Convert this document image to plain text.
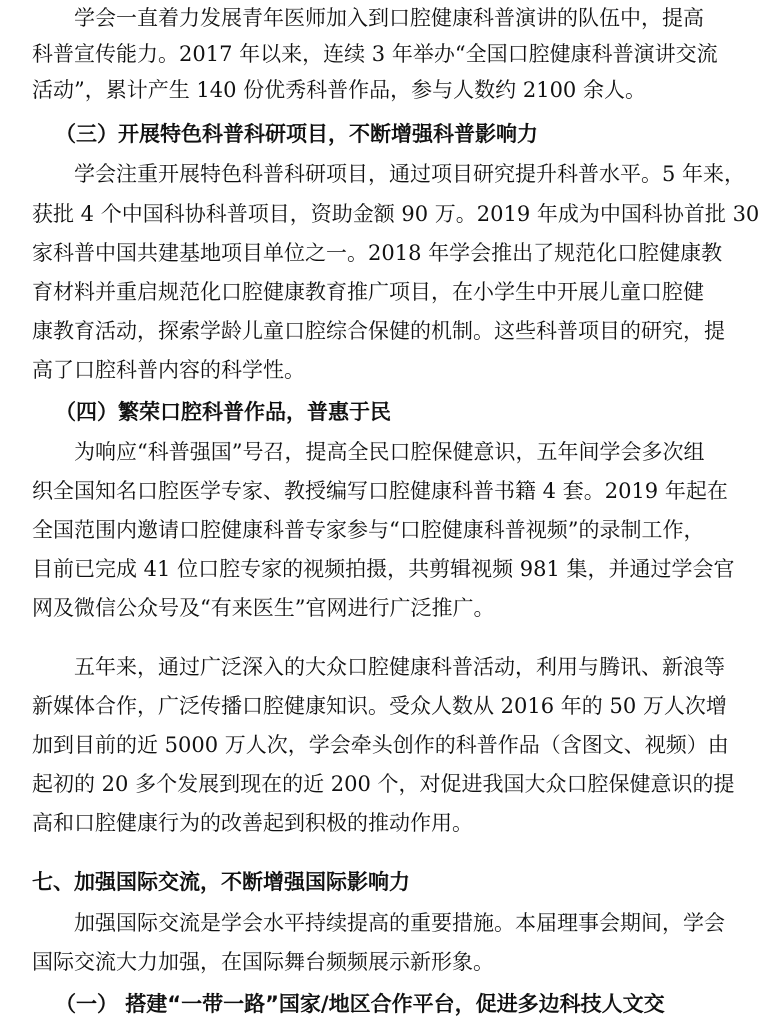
学会一直着力发展青年医师加入到口腔健康科普演讲的队伍中，提高
科普宣传能力。2017 年以来，连续 3 年举办“全国口腔健康科普演讲交流
活动”，累计产生 140 份优秀科普作品，参与人数约 2100 余人。
（三）开展特色科普科研项目，不断增强科普影响力
学会注重开展特色科普科研项目，通过项目研究提升科普水平。5 年来，
获批 4 个中国科协科普项目，资助金额 90 万。2019 年成为中国科协首批 30
家科普中国共建基地项目单位之一。2018 年学会推出了规范化口腔健康教
育材料并重启规范化口腔健康教育推广项目，在小学生中开展儿童口腔健
康教育活动，探索学龄儿童口腔综合保健的机制。这些科普项目的研究，提
高了口腔科普内容的科学性。
（四）繁荣口腔科普作品，普惠于民
为响应“科普强国”号召，提高全民口腔保健意识，五年间学会多次组
织全国知名口腔医学专家、教授编写口腔健康科普书籍 4 套。2019 年起在
全国范围内邀请口腔健康科普专家参与“口腔健康科普视频”的录制工作，
目前已完成 41 位口腔专家的视频拍摄，共剪辑视频 981 集，并通过学会官
网及微信公众号及“有来医生”官网进行广泛推广。
五年来，通过广泛深入的大众口腔健康科普活动，利用与腾讯、新浪等
新媒体合作，广泛传播口腔健康知识。受众人数从 2016 年的 50 万人次增
加到目前的近 5000 万人次，学会牵头创作的科普作品（含图文、视频）由
起初的 20 多个发展到现在的近 200 个，对促进我国大众口腔保健意识的提
高和口腔健康行为的改善起到积极的推动作用。
七、加强国际交流，不断增强国际影响力
加强国际交流是学会水平持续提高的重要措施。本届理事会期间，学会
国际交流大力加强，在国际舞台频频展示新形象。
（一） 搭建“一带一路”国家/地区合作平台，促进多边科技人文交
